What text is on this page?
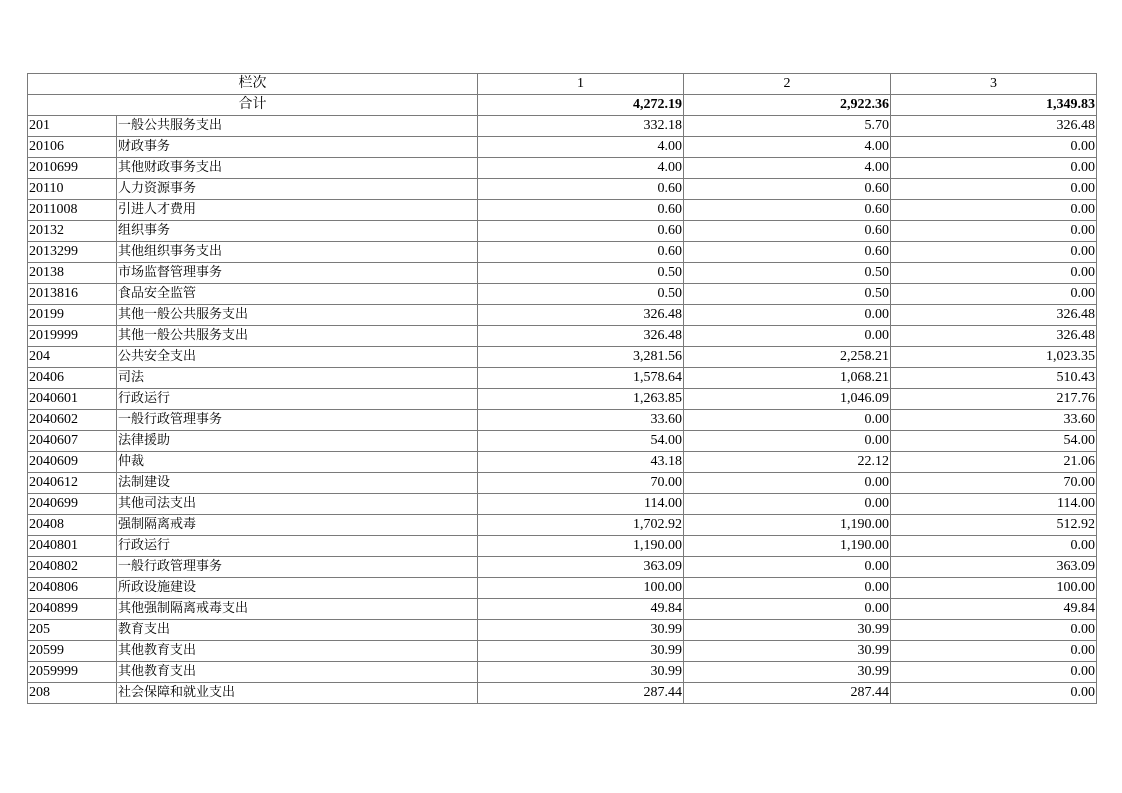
栏次		1	2	3
合计		4,272.19	2,922.36	1,349.83
201	一般公共服务支出	332.18	5.70	326.48
20106	财政事务	4.00	4.00	0.00
2010699	其他财政事务支出	4.00	4.00	0.00
20110	人力资源事务	0.60	0.60	0.00
2011008	引进人才费用	0.60	0.60	0.00
20132	组织事务	0.60	0.60	0.00
2013299	其他组织事务支出	0.60	0.60	0.00
20138	市场监督管理事务	0.50	0.50	0.00
2013816	食品安全监管	0.50	0.50	0.00
20199	其他一般公共服务支出	326.48	0.00	326.48
2019999	其他一般公共服务支出	326.48	0.00	326.48
204	公共安全支出	3,281.56	2,258.21	1,023.35
20406	司法	1,578.64	1,068.21	510.43
2040601	行政运行	1,263.85	1,046.09	217.76
2040602	一般行政管理事务	33.60	0.00	33.60
2040607	法律援助	54.00	0.00	54.00
2040609	仲裁	43.18	22.12	21.06
2040612	法制建设	70.00	0.00	70.00
2040699	其他司法支出	114.00	0.00	114.00
20408	强制隔离戒毒	1,702.92	1,190.00	512.92
2040801	行政运行	1,190.00	1,190.00	0.00
2040802	一般行政管理事务	363.09	0.00	363.09
2040806	所政设施建设	100.00	0.00	100.00
2040899	其他强制隔离戒毒支出	49.84	0.00	49.84
205	教育支出	30.99	30.99	0.00
20599	其他教育支出	30.99	30.99	0.00
2059999	其他教育支出	30.99	30.99	0.00
208	社会保障和就业支出	287.44	287.44	0.00
